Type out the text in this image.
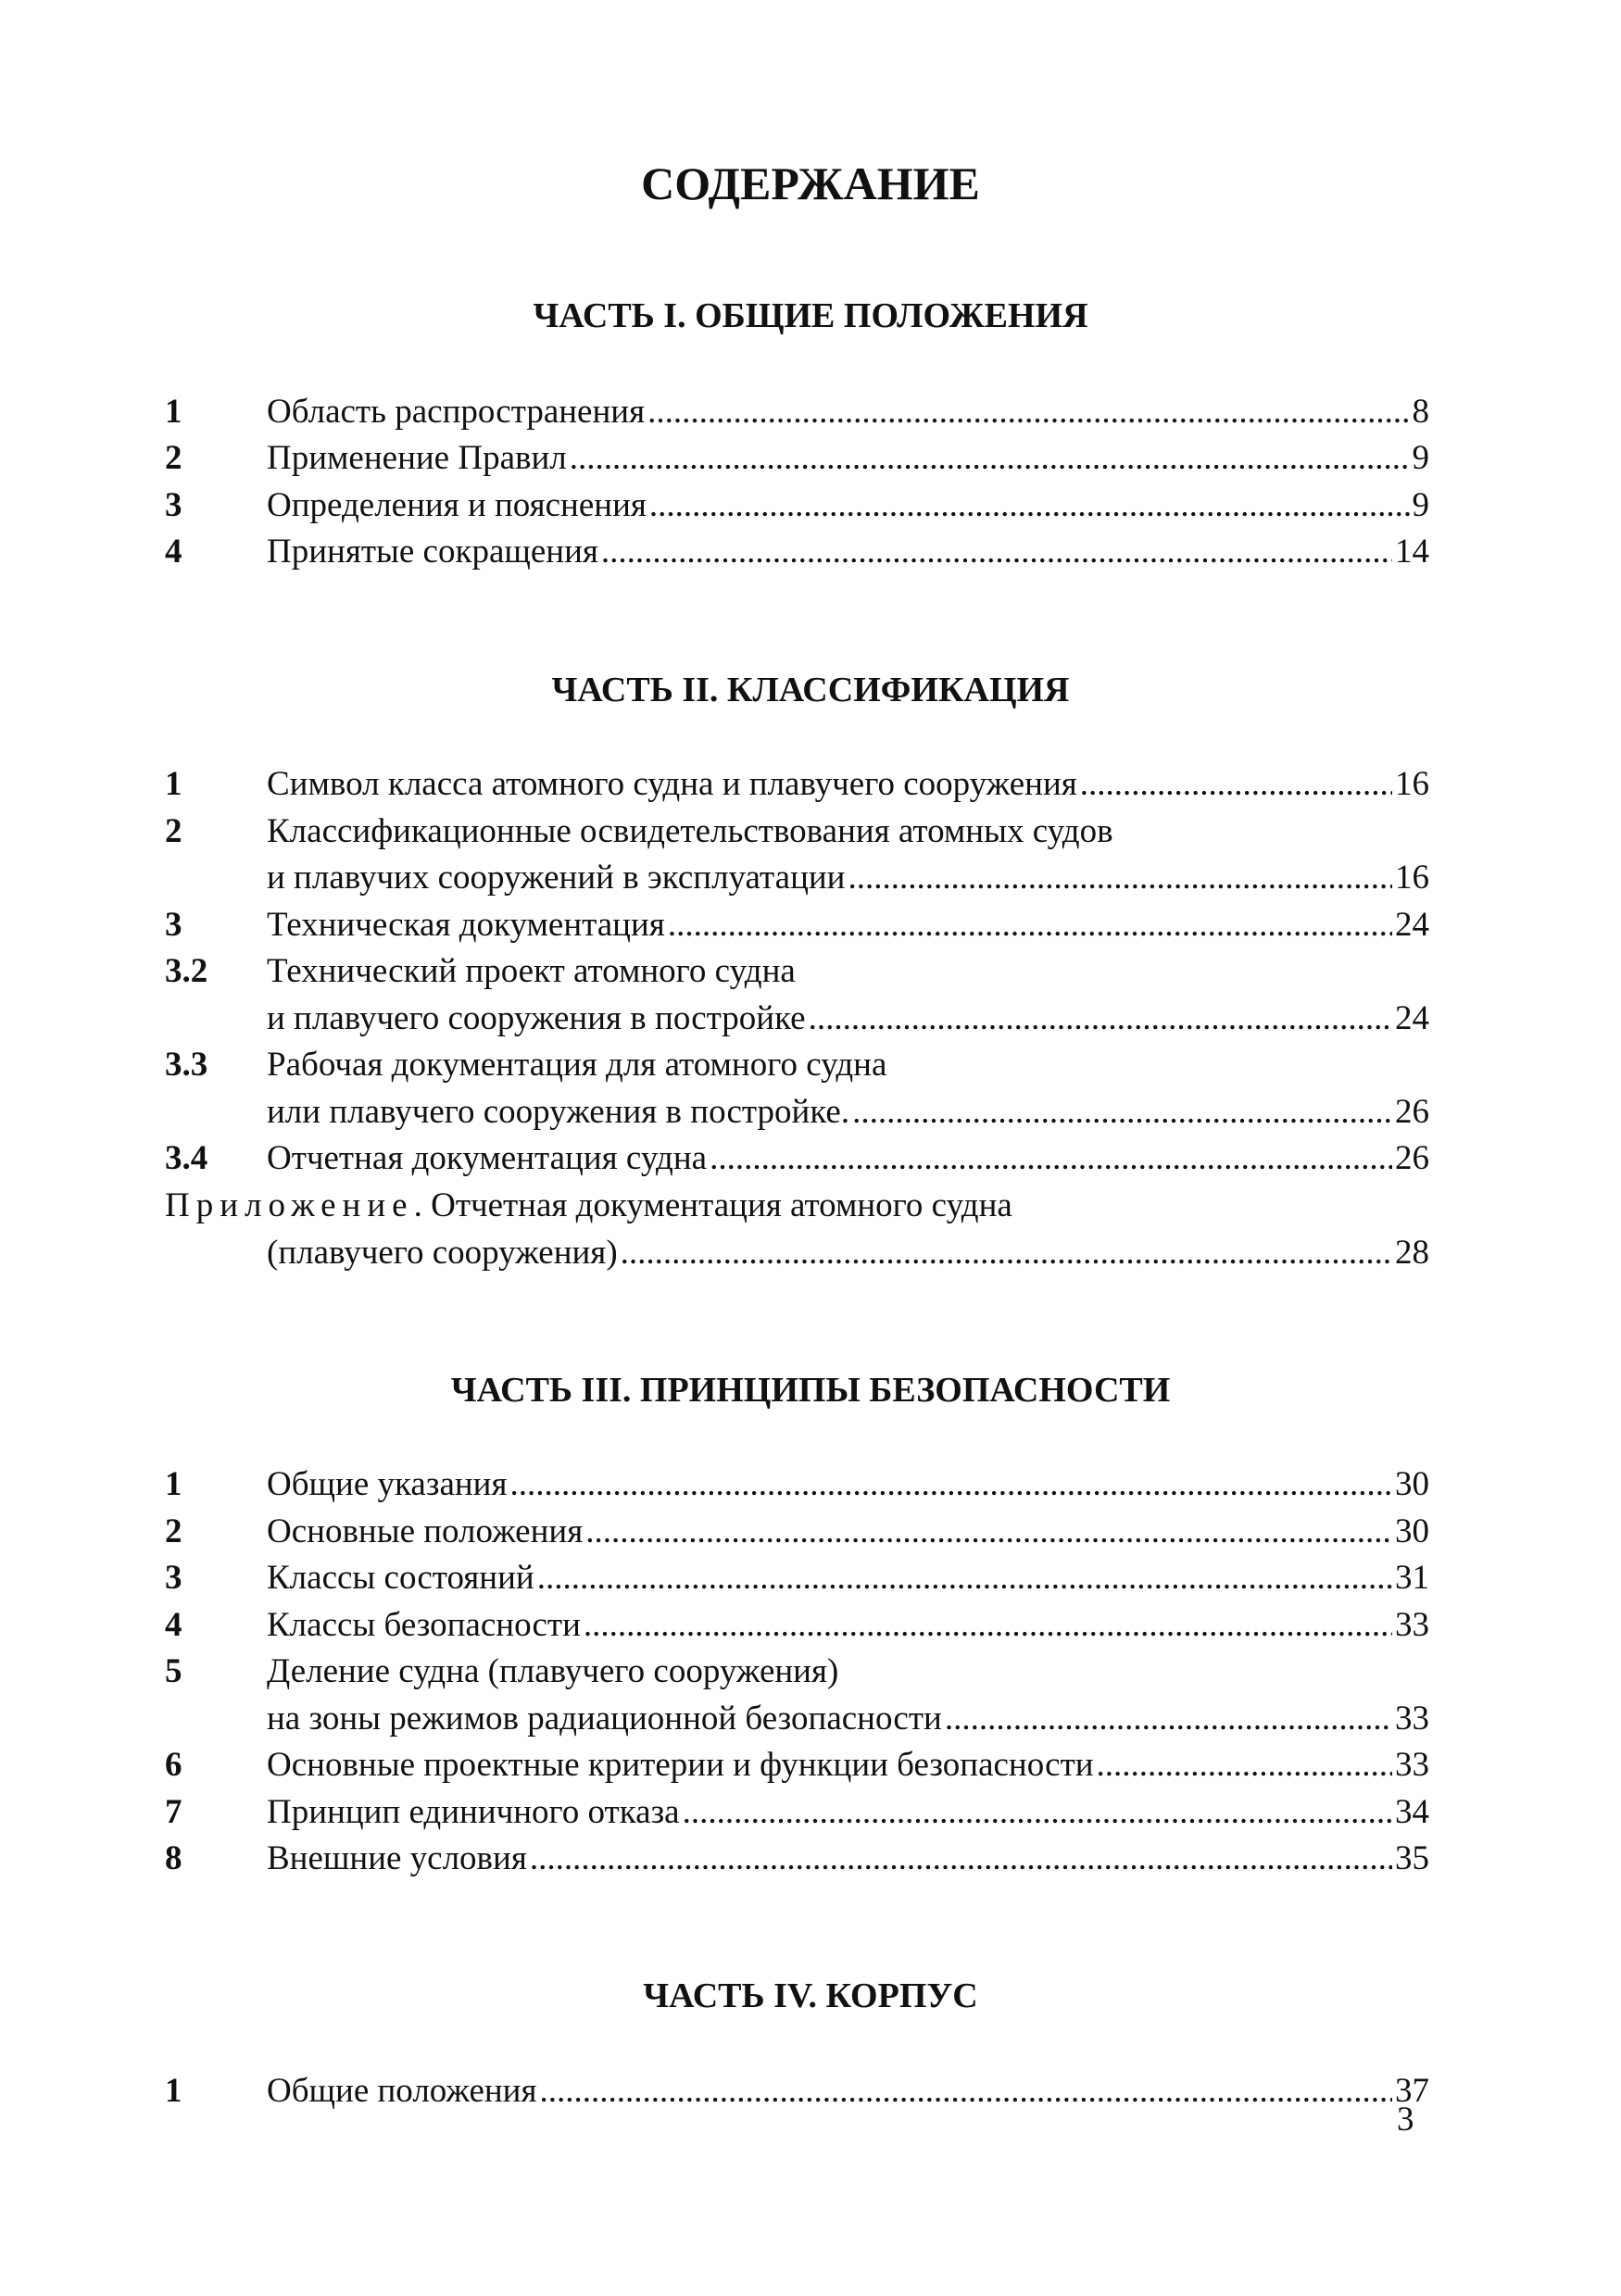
СОДЕРЖАНИЕ
ЧАСТЬ I. ОБЩИЕ ПОЛОЖЕНИЯ
1 Область распространения .....	8
2 Применение Правил .....	9
3 Определения и пояснения .....	9
4 Принятые сокращения .....	14
ЧАСТЬ II. КЛАССИФИКАЦИЯ
1 Символ класса атомного судна и плавучего сооружения .....	16
2 Классификационные освидетельствования атомных судов
и плавучих сооружений в эксплуатации .....	16
3 Техническая документация .....	24
3.2 Технический проект атомного судна
и плавучего сооружения в постройке .....	24
3.3 Рабочая документация для атомного судна
или плавучего сооружения в постройке. .....	26
3.4 Отчетная документация судна .....	26
Приложение . Отчетная документация атомного судна
(плавучего сооружения) .....	28
ЧАСТЬ III. ПРИНЦИПЫ БЕЗОПАСНОСТИ
1 Общие указания .....	30
2 Основные положения .....	30
3 Классы состояний .....	31
4 Классы безопасности .....	33
5 Деление судна (плавучего сооружения)
на зоны режимов радиационной безопасности .....	33
6 Основные проектные критерии и функции безопасности .....	33
7 Принцип единичного отказа .....	34
8 Внешние условия .....	35
ЧАСТЬ IV. КОРПУС
1 Общие положения .....	37
3
